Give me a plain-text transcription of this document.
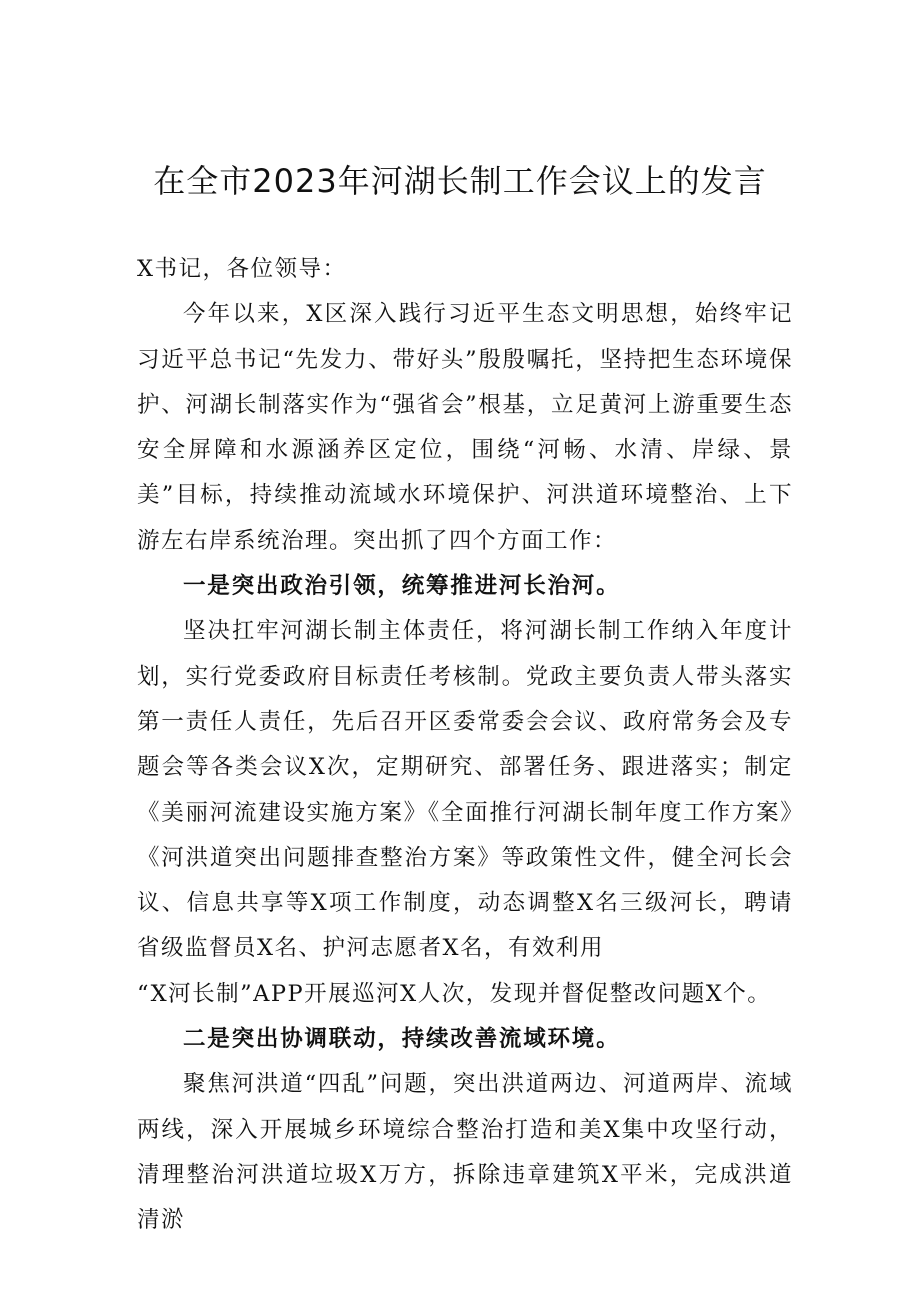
在全市2023年河湖长制工作会议上的发言

X书记，各位领导：

今年以来，X区深入践行习近平生态文明思想，始终牢记习近平总书记“先发力、带好头”殷殷嘱托，坚持把生态环境保护、河湖长制落实作为“强省会”根基，立足黄河上游重要生态安全屏障和水源涵养区定位，围绕“河畅、水清、岸绿、景美”目标，持续推动流域水环境保护、河洪道环境整治、上下游左右岸系统治理。突出抓了四个方面工作：

一是突出政治引领，统筹推进河长治河。

坚决扛牢河湖长制主体责任，将河湖长制工作纳入年度计划，实行党委政府目标责任考核制。党政主要负责人带头落实第一责任人责任，先后召开区委常委会会议、政府常务会及专题会等各类会议X次，定期研究、部署任务、跟进落实；制定《美丽河流建设实施方案》《全面推行河湖长制年度工作方案》《河洪道突出问题排查整治方案》等政策性文件，健全河长会议、信息共享等X项工作制度，动态调整X名三级河长，聘请省级监督员X名、护河志愿者X名，有效利用

“X河长制”APP开展巡河X人次，发现并督促整改问题X个。

二是突出协调联动，持续改善流域环境。

聚焦河洪道“四乱”问题，突出洪道两边、河道两岸、流域两线，深入开展城乡环境综合整治打造和美X集中攻坚行动，清理整治河洪道垃圾X万方，拆除违章建筑X平米，完成洪道清淤
